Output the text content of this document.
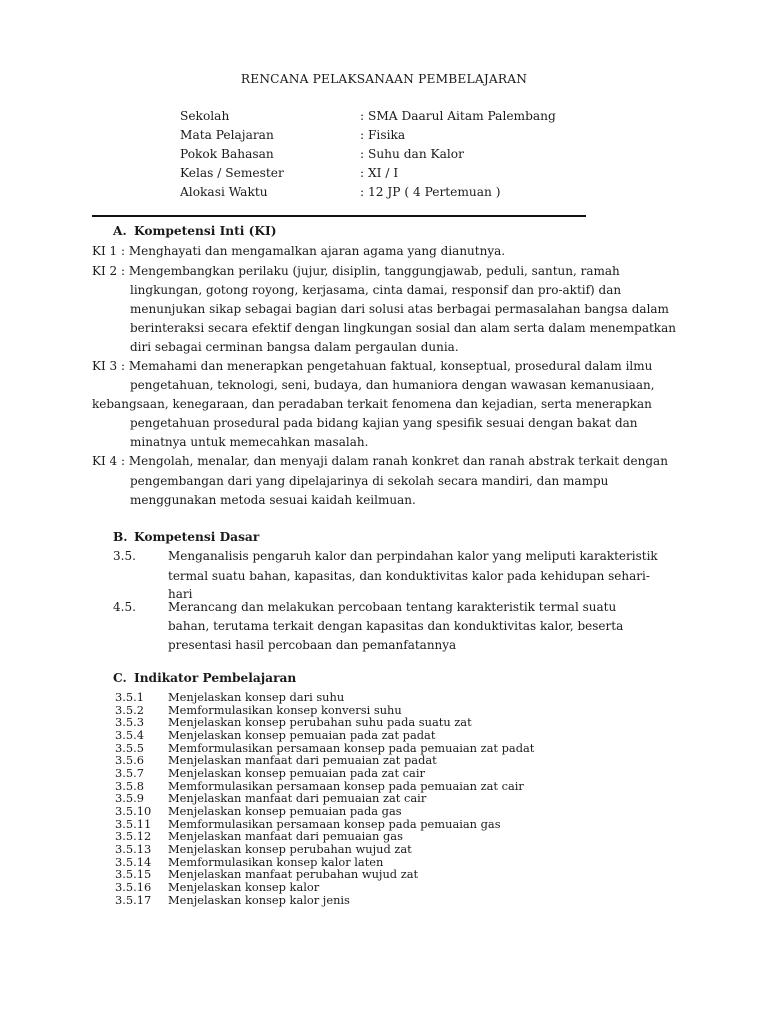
RENCANA PELAKSANAAN PEMBELAJARAN
Sekolah	: SMA Daarul Aitam Palembang
Mata Pelajaran	: Fisika
Pokok Bahasan	: Suhu dan Kalor
Kelas / Semester	: XI / I
Alokasi Waktu	: 12 JP ( 4 Pertemuan )
A. Kompetensi Inti (KI)
KI 1 : Menghayati dan mengamalkan ajaran agama yang dianutnya.
KI 2 : Mengembangkan perilaku (jujur, disiplin, tanggungjawab, peduli, santun, ramah
lingkungan, gotong royong, kerjasama, cinta damai, responsif dan pro-aktif) dan
menunjukan sikap sebagai bagian dari solusi atas berbagai permasalahan bangsa dalam
berinteraksi secara efektif dengan lingkungan sosial dan alam serta dalam menempatkan
diri sebagai cerminan bangsa dalam pergaulan dunia.
KI 3 : Memahami dan menerapkan pengetahuan faktual, konseptual, prosedural dalam ilmu
pengetahuan, teknologi, seni, budaya, dan humaniora dengan wawasan kemanusiaan,
kebangsaan, kenegaraan, dan peradaban terkait fenomena dan kejadian, serta menerapkan
pengetahuan prosedural pada bidang kajian yang spesifik sesuai dengan bakat dan
minatnya untuk memecahkan masalah.
KI 4 : Mengolah, menalar, dan menyaji dalam ranah konkret dan ranah abstrak terkait dengan
pengembangan dari yang dipelajarinya di sekolah secara mandiri, dan mampu
menggunakan metoda sesuai kaidah keilmuan.
B. Kompetensi Dasar
3.5.	Menganalisis pengaruh kalor dan perpindahan kalor yang meliputi karakteristik
termal suatu bahan, kapasitas, dan konduktivitas kalor pada kehidupan sehari-
hari
4.5.	Merancang dan melakukan percobaan tentang karakteristik termal suatu
bahan, terutama terkait dengan kapasitas dan konduktivitas kalor, beserta
presentasi hasil percobaan dan pemanfatannya
C. Indikator Pembelajaran
3.5.1 Menjelaskan konsep dari suhu
3.5.2 Memformulasikan konsep konversi suhu
3.5.3 Menjelaskan konsep perubahan suhu pada suatu zat
3.5.4 Menjelaskan konsep pemuaian pada zat padat
3.5.5 Memformulasikan persamaan konsep pada pemuaian zat padat
3.5.6 Menjelaskan manfaat dari pemuaian zat padat
3.5.7 Menjelaskan konsep pemuaian pada zat cair
3.5.8 Memformulasikan persamaan konsep pada pemuaian zat cair
3.5.9 Menjelaskan manfaat dari pemuaian zat cair
3.5.10 Menjelaskan konsep pemuaian pada gas
3.5.11 Memformulasikan persamaan konsep pada pemuaian gas
3.5.12 Menjelaskan manfaat dari pemuaian gas
3.5.13 Menjelaskan konsep perubahan wujud zat
3.5.14 Memformulasikan konsep kalor laten
3.5.15 Menjelaskan manfaat perubahan wujud zat
3.5.16 Menjelaskan konsep kalor
3.5.17 Menjelaskan konsep kalor jenis
